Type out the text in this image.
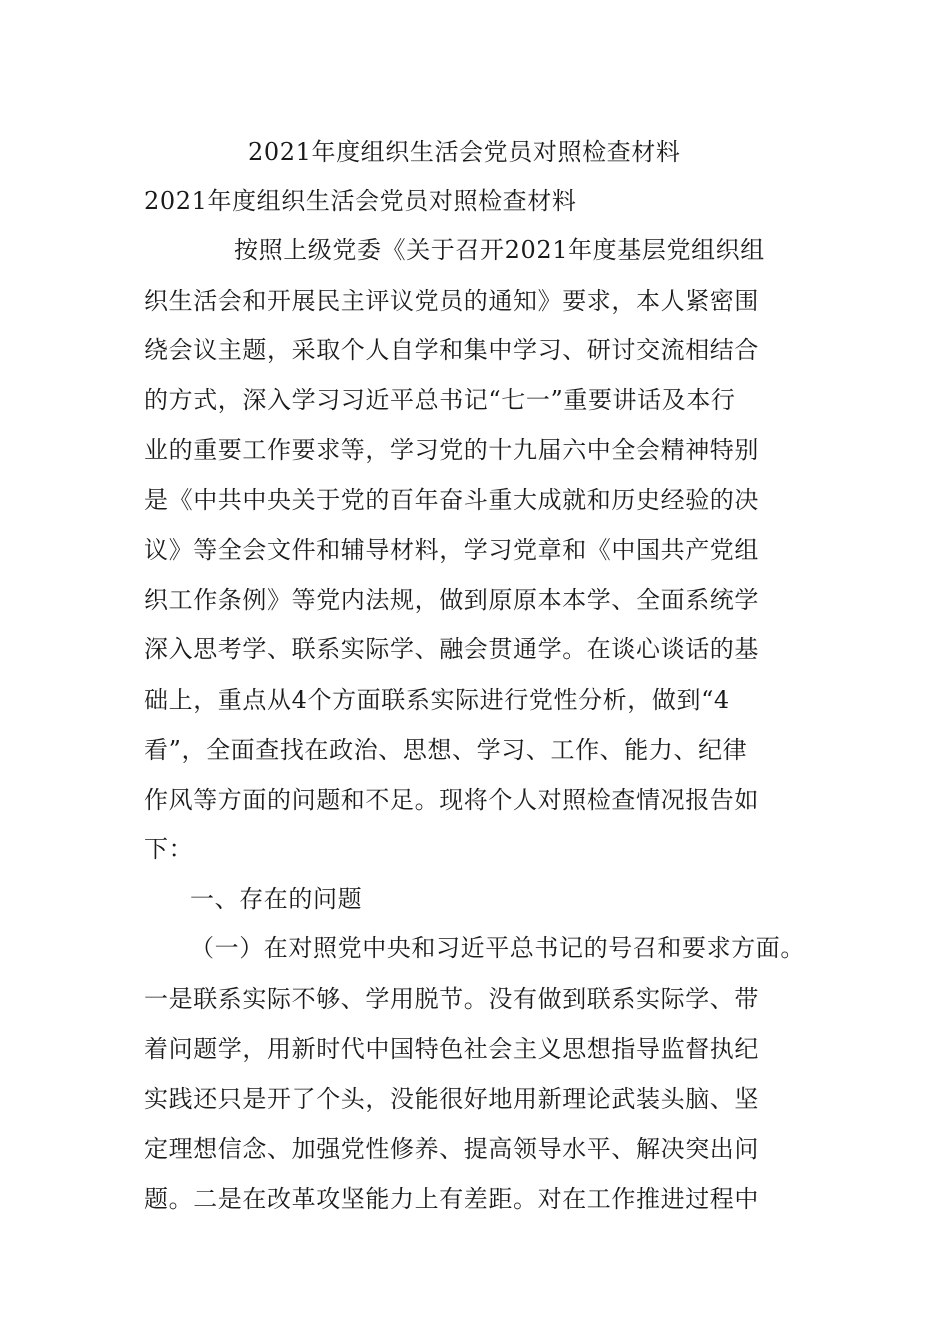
2021年度组织生活会党员对照检查材料
2021年度组织生活会党员对照检查材料
按照上级党委《关于召开2021年度基层党组织组
织生活会和开展民主评议党员的通知》要求，本人紧密围
绕会议主题，采取个人自学和集中学习、研讨交流相结合
的方式，深入学习习近平总书记“七一”重要讲话及本行
业的重要工作要求等，学习党的十九届六中全会精神特别
是《中共中央关于党的百年奋斗重大成就和历史经验的决
议》等全会文件和辅导材料，学习党章和《中国共产党组
织工作条例》等党内法规，做到原原本本学、全面系统学
深入思考学、联系实际学、融会贯通学。在谈心谈话的基
础上，重点从4个方面联系实际进行党性分析，做到“4
看”，全面查找在政治、思想、学习、工作、能力、纪律
作风等方面的问题和不足。现将个人对照检查情况报告如
下：
一、存在的问题
（一）在对照党中央和习近平总书记的号召和要求方面。
一是联系实际不够、学用脱节。没有做到联系实际学、带
着问题学，用新时代中国特色社会主义思想指导监督执纪
实践还只是开了个头，没能很好地用新理论武装头脑、坚
定理想信念、加强党性修养、提高领导水平、解决突出问
题。二是在改革攻坚能力上有差距。对在工作推进过程中
